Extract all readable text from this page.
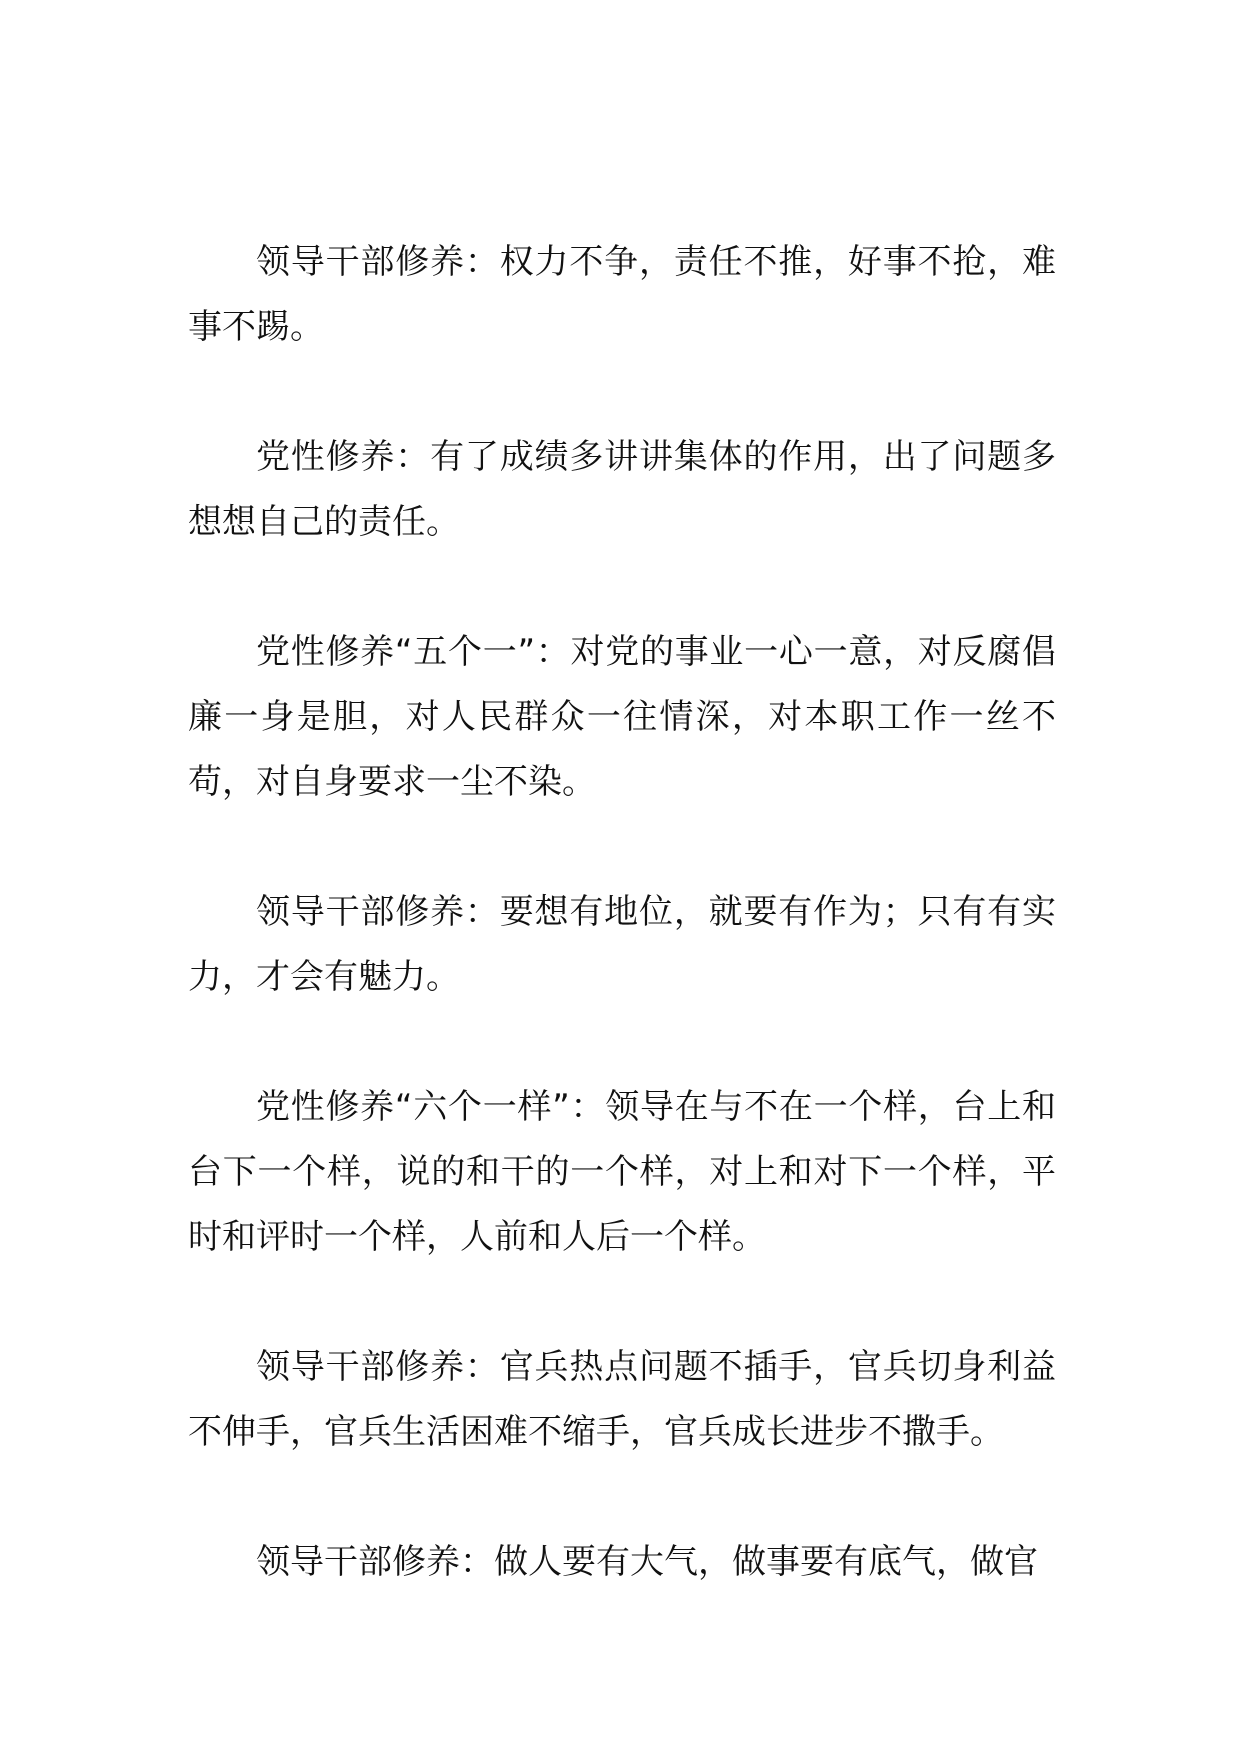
领导干部修养：权力不争，责任不推，好事不抢，难事不踢。

党性修养：有了成绩多讲讲集体的作用，出了问题多想想自己的责任。

党性修养“五个一”：对党的事业一心一意，对反腐倡廉一身是胆，对人民群众一往情深，对本职工作一丝不苟，对自身要求一尘不染。

领导干部修养：要想有地位，就要有作为；只有有实力，才会有魅力。

党性修养“六个一样”：领导在与不在一个样，台上和台下一个样，说的和干的一个样，对上和对下一个样，平时和评时一个样，人前和人后一个样。

领导干部修养：官兵热点问题不插手，官兵切身利益不伸手，官兵生活困难不缩手，官兵成长进步不撒手。

领导干部修养：做人要有大气，做事要有底气，做官
